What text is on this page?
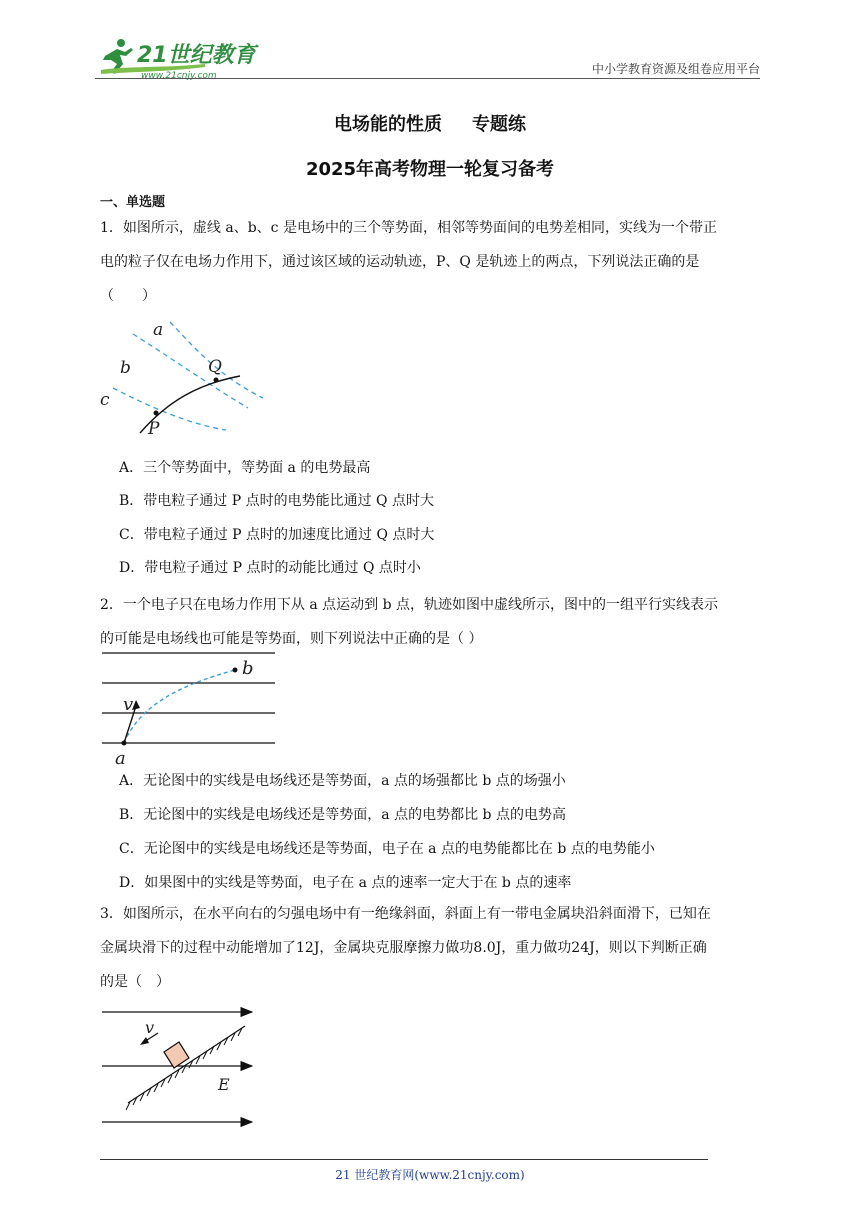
21世纪教育
www.21cnjy.com	中小学教育资源及组卷应用平台
电场能的性质 专题练
2025年高考物理一轮复习备考
一、单选题
1．如图所示，虚线 a、b、c 是电场中的三个等势面，相邻等势面间的电势差相同，实线为一个带正
电的粒子仅在电场力作用下，通过该区域的运动轨迹，P、Q 是轨迹上的两点，下列说法正确的是
（　　）
a
b
c
Q
P
A．三个等势面中，等势面 a 的电势最高
B．带电粒子通过 P 点时的电势能比通过 Q 点时大
C．带电粒子通过 P 点时的加速度比通过 Q 点时大
D．带电粒子通过 P 点时的动能比通过 Q 点时小
2．一个电子只在电场力作用下从 a 点运动到 b 点，轨迹如图中虚线所示，图中的一组平行实线表示
的可能是电场线也可能是等势面，则下列说法中正确的是（ ）
b
v
a
A．无论图中的实线是电场线还是等势面，a 点的场强都比 b 点的场强小
B．无论图中的实线是电场线还是等势面，a 点的电势都比 b 点的电势高
C．无论图中的实线是电场线还是等势面，电子在 a 点的电势能都比在 b 点的电势能小
D．如果图中的实线是等势面，电子在 a 点的速率一定大于在 b 点的速率
3．如图所示，在水平向右的匀强电场中有一绝缘斜面，斜面上有一带电金属块沿斜面滑下，已知在
金属块滑下的过程中动能增加了12J，金属块克服摩擦力做功8.0J，重力做功24J，则以下判断正确
的是（　）
v
E
21 世纪教育网(www.21cnjy.com)
